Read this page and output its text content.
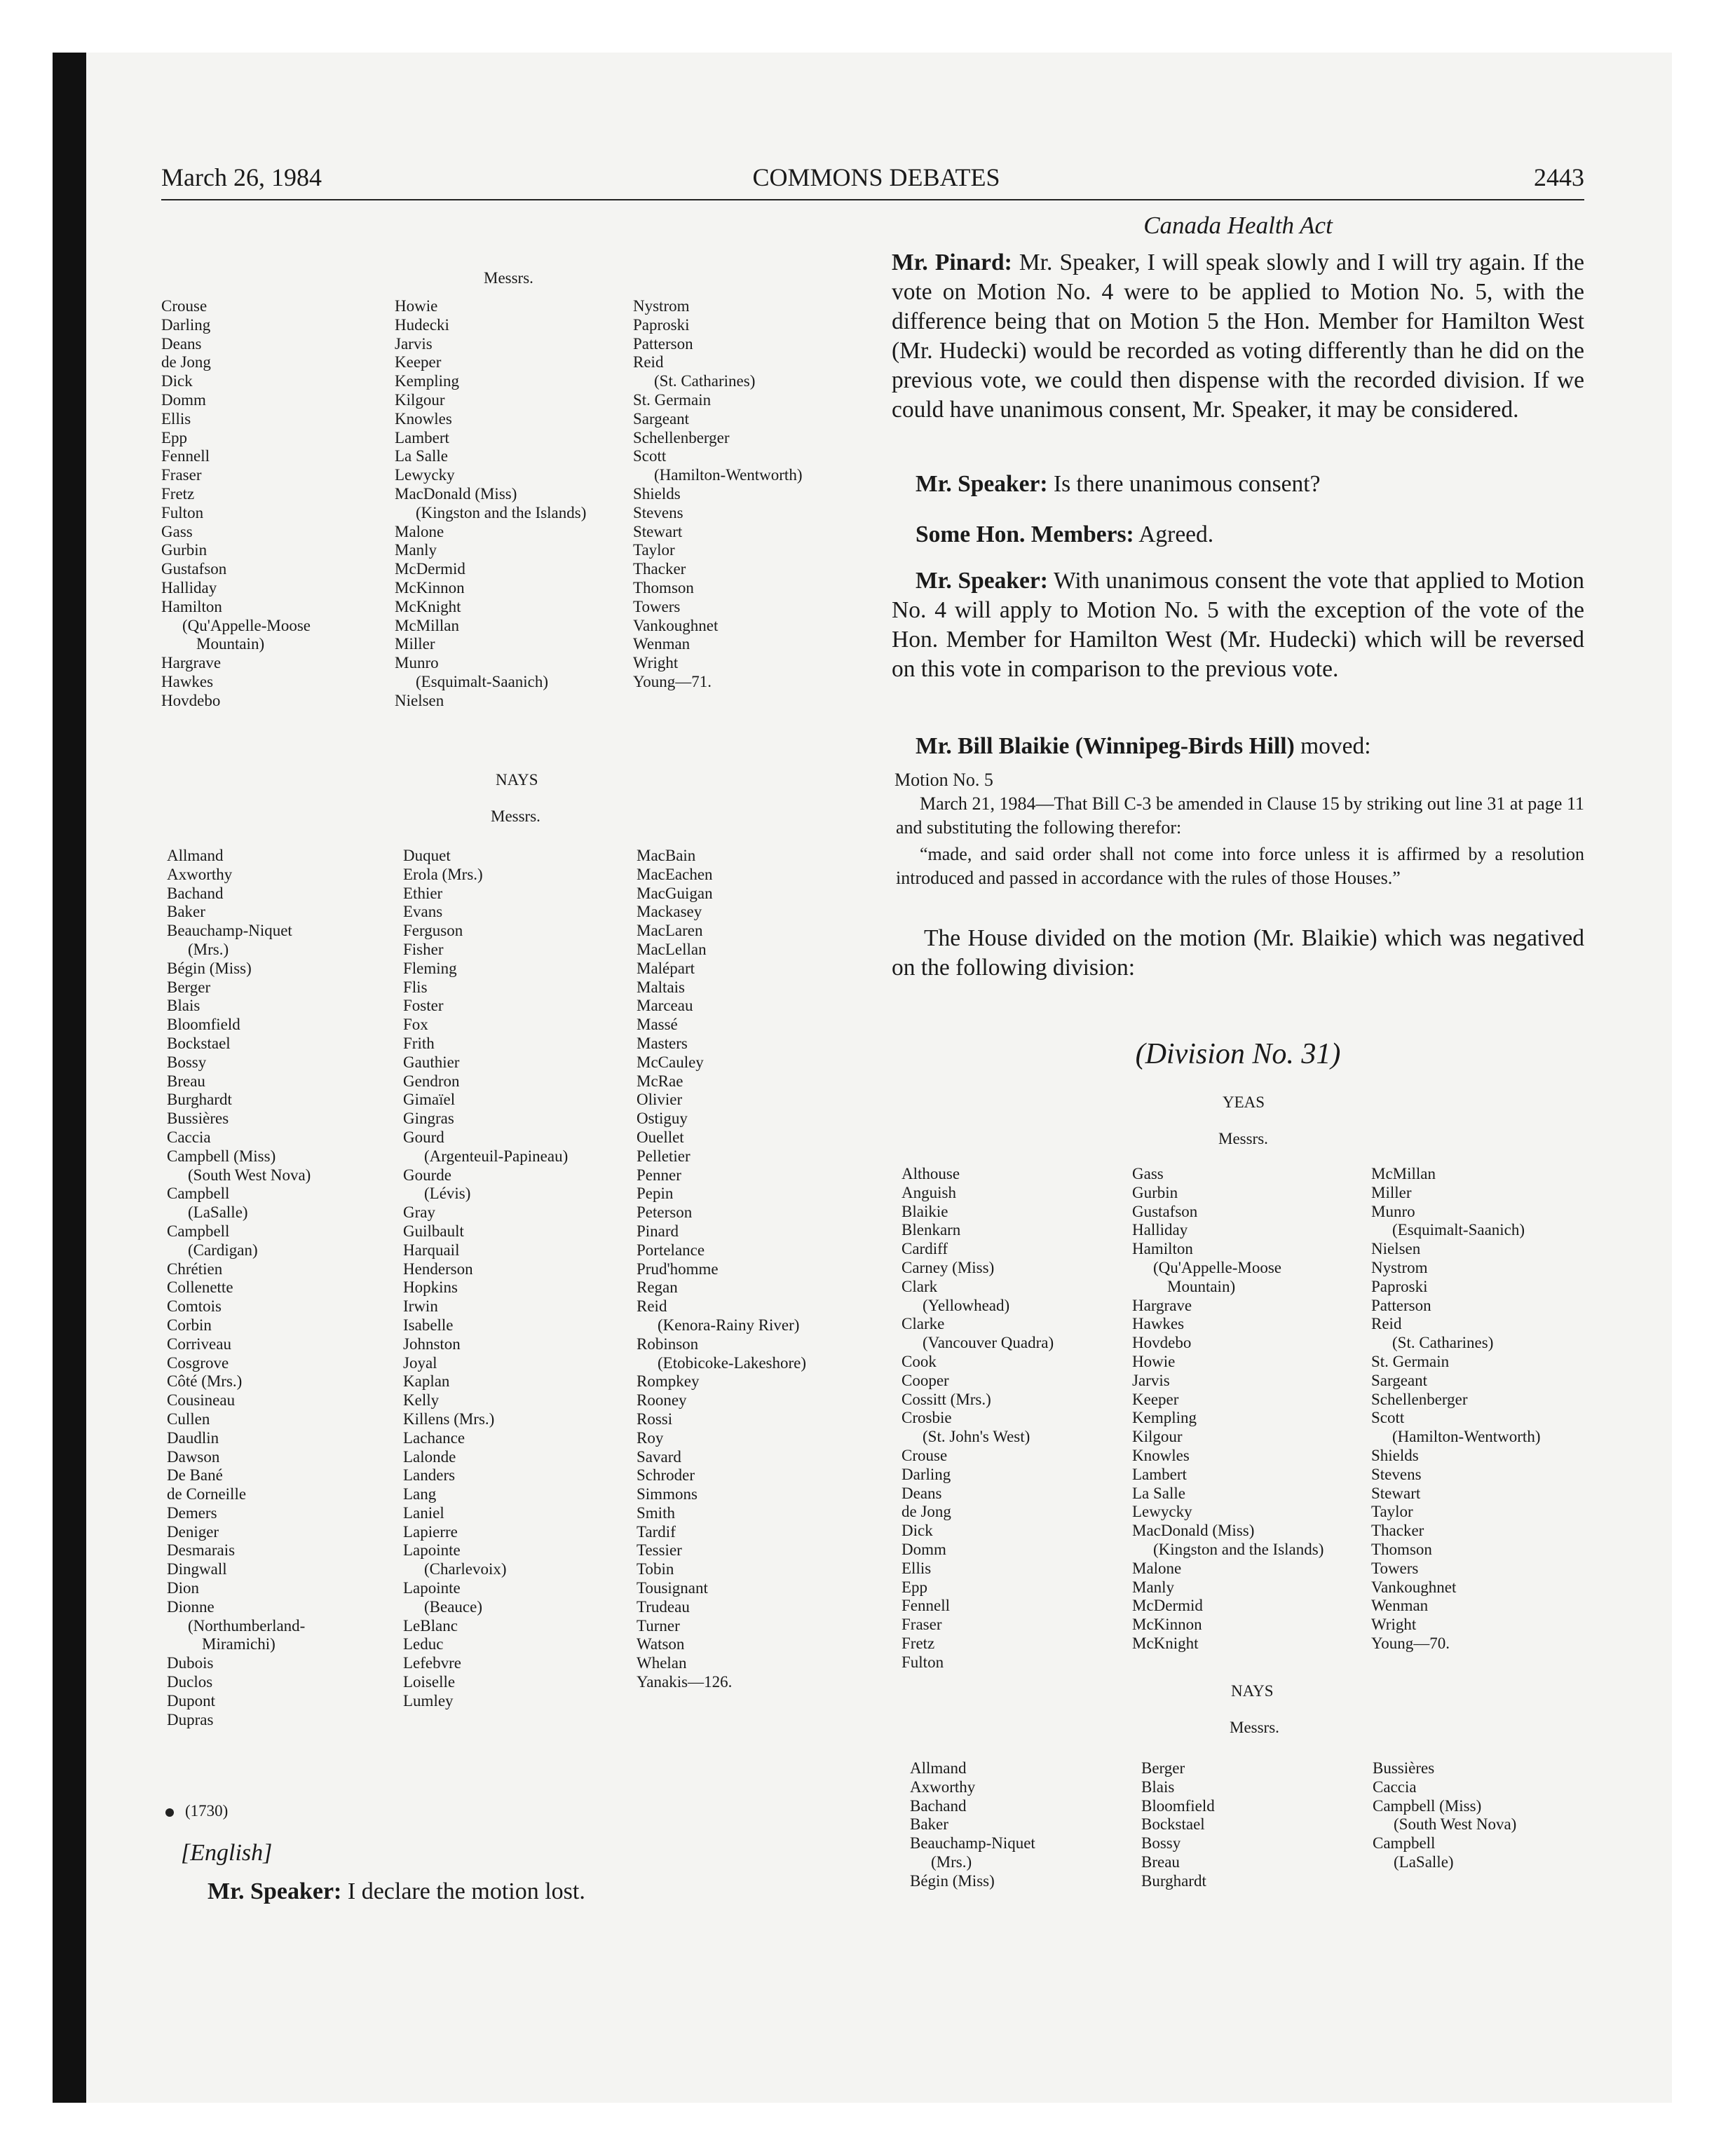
March 26, 1984	COMMONS DEBATES	2443
Messrs.
Crouse
Darling
Deans
de Jong
Dick
Domm
Ellis
Epp
Fennell
Fraser
Fretz
Fulton
Gass
Gurbin
Gustafson
Halliday
Hamilton
(Qu'Appelle-Moose
Mountain)
Hargrave
Hawkes
Hovdebo
Howie
Hudecki
Jarvis
Keeper
Kempling
Kilgour
Knowles
Lambert
La Salle
Lewycky
MacDonald (Miss)
(Kingston and the Islands)
Malone
Manly
McDermid
McKinnon
McKnight
McMillan
Miller
Munro
(Esquimalt-Saanich)
Nielsen
Nystrom
Paproski
Patterson
Reid
(St. Catharines)
St. Germain
Sargeant
Schellenberger
Scott
(Hamilton-Wentworth)
Shields
Stevens
Stewart
Taylor
Thacker
Thomson
Towers
Vankoughnet
Wenman
Wright
Young—71.
NAYS
Messrs.
Allmand
Axworthy
Bachand
Baker
Beauchamp-Niquet
(Mrs.)
Bégin (Miss)
Berger
Blais
Bloomfield
Bockstael
Bossy
Breau
Burghardt
Bussières
Caccia
Campbell (Miss)
(South West Nova)
Campbell
(LaSalle)
Campbell
(Cardigan)
Chrétien
Collenette
Comtois
Corbin
Corriveau
Cosgrove
Côté (Mrs.)
Cousineau
Cullen
Daudlin
Dawson
De Bané
de Corneille
Demers
Deniger
Desmarais
Dingwall
Dion
Dionne
(Northumberland-
Miramichi)
Dubois
Duclos
Dupont
Dupras
Duquet
Erola (Mrs.)
Ethier
Evans
Ferguson
Fisher
Fleming
Flis
Foster
Fox
Frith
Gauthier
Gendron
Gimaïel
Gingras
Gourd
(Argenteuil-Papineau)
Gourde
(Lévis)
Gray
Guilbault
Harquail
Henderson
Hopkins
Irwin
Isabelle
Johnston
Joyal
Kaplan
Kelly
Killens (Mrs.)
Lachance
Lalonde
Landers
Lang
Laniel
Lapierre
Lapointe
(Charlevoix)
Lapointe
(Beauce)
LeBlanc
Leduc
Lefebvre
Loiselle
Lumley
MacBain
MacEachen
MacGuigan
Mackasey
MacLaren
MacLellan
Malépart
Maltais
Marceau
Massé
Masters
McCauley
McRae
Olivier
Ostiguy
Ouellet
Pelletier
Penner
Pepin
Peterson
Pinard
Portelance
Prud'homme
Regan
Reid
(Kenora-Rainy River)
Robinson
(Etobicoke-Lakeshore)
Rompkey
Rooney
Rossi
Roy
Savard
Schroder
Simmons
Smith
Tardif
Tessier
Tobin
Tousignant
Trudeau
Turner
Watson
Whelan
Yanakis—126.
(1730)
[English]
Mr. Speaker: I declare the motion lost.
Canada Health Act
Mr. Pinard: Mr. Speaker, I will speak slowly and I will try again. If the vote on Motion No. 4 were to be applied to Motion No. 5, with the difference being that on Motion 5 the Hon. Member for Hamilton West (Mr. Hudecki) would be recorded as voting differently than he did on the previous vote, we could then dispense with the recorded division. If we could have unanimous consent, Mr. Speaker, it may be considered.
Mr. Speaker: Is there unanimous consent?
Some Hon. Members: Agreed.
Mr. Speaker: With unanimous consent the vote that applied to Motion No. 4 will apply to Motion No. 5 with the exception of the vote of the Hon. Member for Hamilton West (Mr. Hudecki) which will be reversed on this vote in comparison to the previous vote.
Mr. Bill Blaikie (Winnipeg-Birds Hill) moved:
Motion No. 5
March 21, 1984—That Bill C-3 be amended in Clause 15 by striking out line 31 at page 11 and substituting the following therefor:
“made, and said order shall not come into force unless it is affirmed by a resolution introduced and passed in accordance with the rules of those Houses.”
The House divided on the motion (Mr. Blaikie) which was negatived on the following division:
(Division No. 31)
YEAS
Messrs.
Althouse
Anguish
Blaikie
Blenkarn
Cardiff
Carney (Miss)
Clark
(Yellowhead)
Clarke
(Vancouver Quadra)
Cook
Cooper
Cossitt (Mrs.)
Crosbie
(St. John's West)
Crouse
Darling
Deans
de Jong
Dick
Domm
Ellis
Epp
Fennell
Fraser
Fretz
Fulton
Gass
Gurbin
Gustafson
Halliday
Hamilton
(Qu'Appelle-Moose
Mountain)
Hargrave
Hawkes
Hovdebo
Howie
Jarvis
Keeper
Kempling
Kilgour
Knowles
Lambert
La Salle
Lewycky
MacDonald (Miss)
(Kingston and the Islands)
Malone
Manly
McDermid
McKinnon
McKnight
McMillan
Miller
Munro
(Esquimalt-Saanich)
Nielsen
Nystrom
Paproski
Patterson
Reid
(St. Catharines)
St. Germain
Sargeant
Schellenberger
Scott
(Hamilton-Wentworth)
Shields
Stevens
Stewart
Taylor
Thacker
Thomson
Towers
Vankoughnet
Wenman
Wright
Young—70.
NAYS
Messrs.
Allmand
Axworthy
Bachand
Baker
Beauchamp-Niquet
(Mrs.)
Bégin (Miss)
Berger
Blais
Bloomfield
Bockstael
Bossy
Breau
Burghardt
Bussières
Caccia
Campbell (Miss)
(South West Nova)
Campbell
(LaSalle)
